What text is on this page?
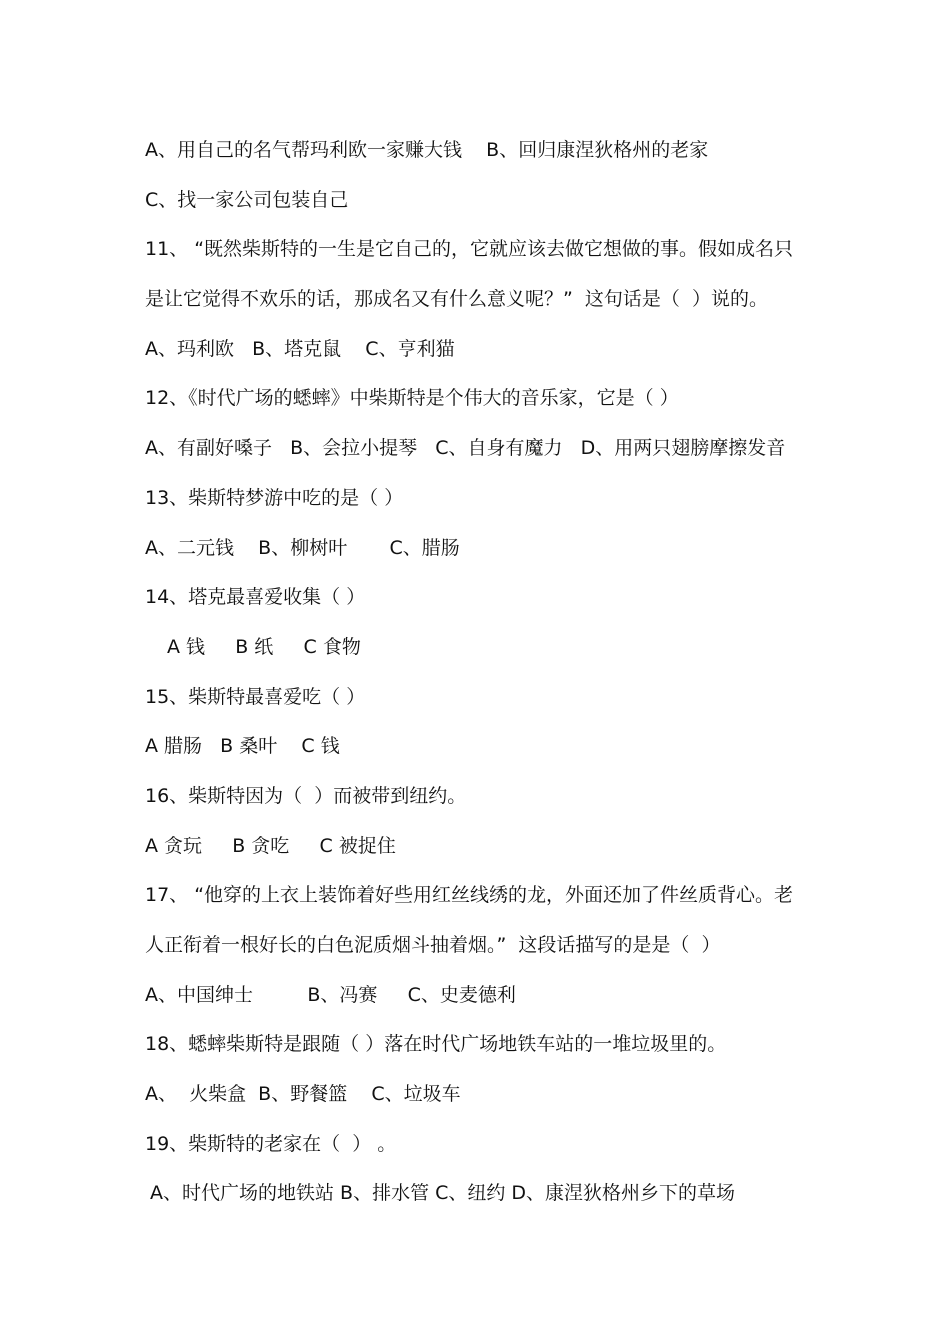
A、用自己的名气帮玛利欧一家赚大钱    B、回归康涅狄格州的老家
C、找一家公司包装自己
11、 “既然柴斯特的一生是它自己的，它就应该去做它想做的事。假如成名只
是让它觉得不欢乐的话，那成名又有什么意义呢？”  这句话是（  ）说的。
A、玛利欧   B、塔克鼠    C、亨利猫
12、《时代广场的蟋蟀》中柴斯特是个伟大的音乐家，它是（ ）
A、有副好嗓子   B、会拉小提琴   C、自身有魔力   D、用两只翅膀摩擦发音
13、柴斯特梦游中吃的是（ ）
A、二元钱    B、柳树叶       C、腊肠
14、塔克最喜爱收集（ ）
A 钱     B 纸     C 食物
15、柴斯特最喜爱吃（ ）
A 腊肠   B 桑叶    C 钱
16、柴斯特因为（  ）而被带到纽约。
A 贪玩     B 贪吃     C 被捉住
17、 “他穿的上衣上装饰着好些用红丝线绣的龙，外面还加了件丝质背心。老
人正衔着一根好长的白色泥质烟斗抽着烟。”  这段话描写的是是（  ）
A、中国绅士         B、冯赛     C、史麦德利
18、蟋蟀柴斯特是跟随（ ）落在时代广场地铁车站的一堆垃圾里的。
A、  火柴盒  B、野餐篮    C、垃圾车
19、柴斯特的老家在（  ） 。
A、时代广场的地铁站 B、排水管 C、纽约 D、康涅狄格州乡下的草场
